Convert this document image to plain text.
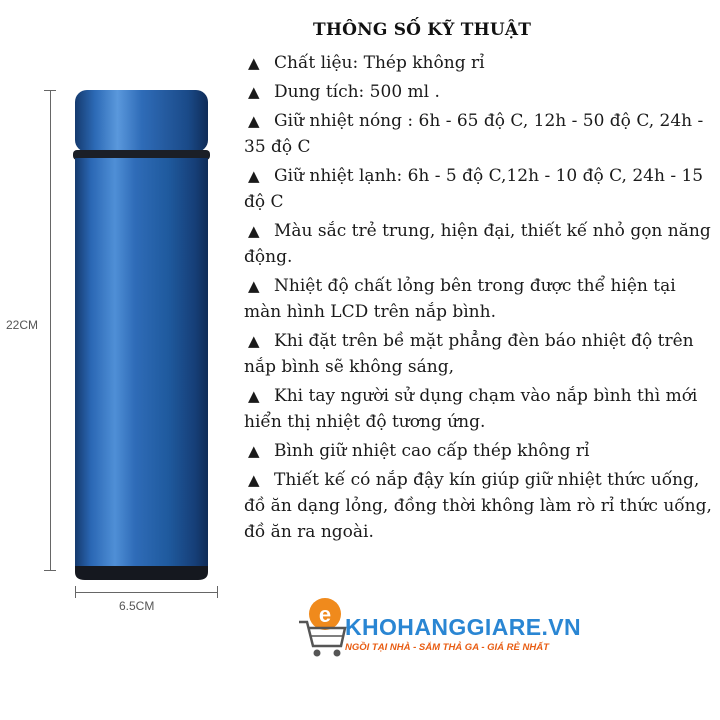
22CM
6.5CM
THÔNG SỐ KỸ THUẬT
▲ Chất liệu: Thép không rỉ
▲ Dung tích: 500 ml .
▲ Giữ nhiệt nóng : 6h - 65 độ C, 12h - 50 độ C, 24h - 35 độ C
▲ Giữ nhiệt lạnh: 6h - 5 độ C,12h - 10 độ C, 24h - 15 độ C
▲ Màu sắc trẻ trung, hiện đại, thiết kế nhỏ gọn năng động.
▲ Nhiệt độ chất lỏng bên trong được thể hiện tại màn hình LCD trên nắp bình.
▲ Khi đặt trên bề mặt phẳng đèn báo nhiệt độ trên nắp bình sẽ không sáng,
▲ Khi tay người sử dụng chạm vào nắp bình thì mới hiển thị nhiệt độ tương ứng.
▲ Bình giữ nhiệt cao cấp thép không rỉ
▲ Thiết kế có nắp đậy kín giúp giữ nhiệt thức uống, đồ ăn dạng lỏng, đồng thời không làm rò rỉ thức uống, đồ ăn ra ngoài.
e KHOHANGGIARE.VN
NGỒI TẠI NHÀ - SẮM THẢ GA - GIÁ RẺ NHẤT
